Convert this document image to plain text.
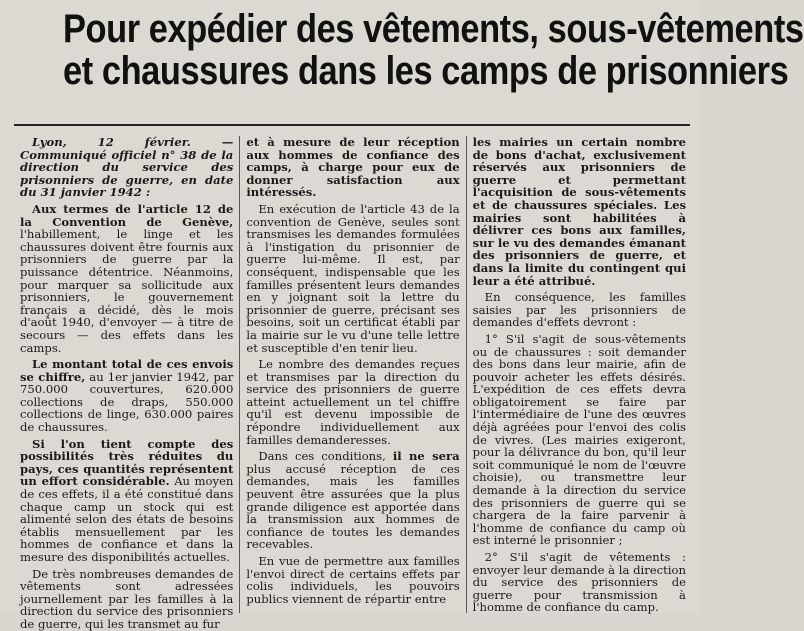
Pour expédier des vêtements, sous-vêtements
et chaussures dans les camps de prisonniers

Lyon, 12 février. — Communiqué officiel n° 38 de la direction du service des prisonniers de guerre, en date du 31 janvier 1942 :

Aux termes de l'article 12 de la Convention de Genève, l'habillement, le linge et les chaussures doivent être fournis aux prisonniers de guerre par la puissance détentrice. Néanmoins, pour marquer sa sollicitude aux prisonniers, le gouvernement français a décidé, dès le mois d'août 1940, d'envoyer — à titre de secours — des effets dans les camps.

Le montant total de ces envois se chiffre, au 1er janvier 1942, par 750.000 couvertures, 620.000 collections de draps, 550.000 collections de linge, 630.000 paires de chaussures.

Si l'on tient compte des possibilités très réduites du pays, ces quantités représentent un effort considérable. Au moyen de ces effets, il a été constitué dans chaque camp un stock qui est alimenté selon des états de besoins établis mensuellement par les hommes de confiance et dans la mesure des disponibilités actuelles.

De très nombreuses demandes de vêtements sont adressées journellement par les familles à la direction du service des prisonniers de guerre, qui les transmet au fur

et à mesure de leur réception aux hommes de confiance des camps, à charge pour eux de donner satisfaction aux intéressés.

En exécution de l'article 43 de la convention de Genève, seules sont transmises les demandes formulées à l'instigation du prisonnier de guerre lui-même. Il est, par conséquent, indispensable que les familles présentent leurs demandes en y joignant soit la lettre du prisonnier de guerre, précisant ses besoins, soit un certificat établi par la mairie sur le vu d'une telle lettre et susceptible d'en tenir lieu.

Le nombre des demandes reçues et transmises par la direction du service des prisonniers de guerre atteint actuellement un tel chiffre qu'il est devenu impossible de répondre individuellement aux familles demanderesses.

Dans ces conditions, il ne sera plus accusé réception de ces demandes, mais les familles peuvent être assurées que la plus grande diligence est apportée dans la transmission aux hommes de confiance de toutes les demandes recevables.

En vue de permettre aux familles l'envoi direct de certains effets par colis individuels, les pouvoirs publics viennent de répartir entre

les mairies un certain nombre de bons d'achat, exclusivement réservés aux prisonniers de guerre et permettant l'acquisition de sous-vêtements et de chaussures spéciales. Les mairies sont habilitées à délivrer ces bons aux familles, sur le vu des demandes émanant des prisonniers de guerre, et dans la limite du contingent qui leur a été attribué.

En conséquence, les familles saisies par les prisonniers de demandes d'effets devront :

1° S'il s'agit de sous-vêtements ou de chaussures : soit demander des bons dans leur mairie, afin de pouvoir acheter les effets désirés. L'expédition de ces effets devra obligatoirement se faire par l'intermédiaire de l'une des œuvres déjà agréées pour l'envoi des colis de vivres. (Les mairies exigeront, pour la délivrance du bon, qu'il leur soit communiqué le nom de l'œuvre choisie), ou transmettre leur demande à la direction du service des prisonniers de guerre qui se chargera de la faire parvenir à l'homme de confiance du camp où est interné le prisonnier ;

2° S'il s'agit de vêtements : envoyer leur demande à la direction du service des prisonniers de guerre pour transmission à l'homme de confiance du camp.
